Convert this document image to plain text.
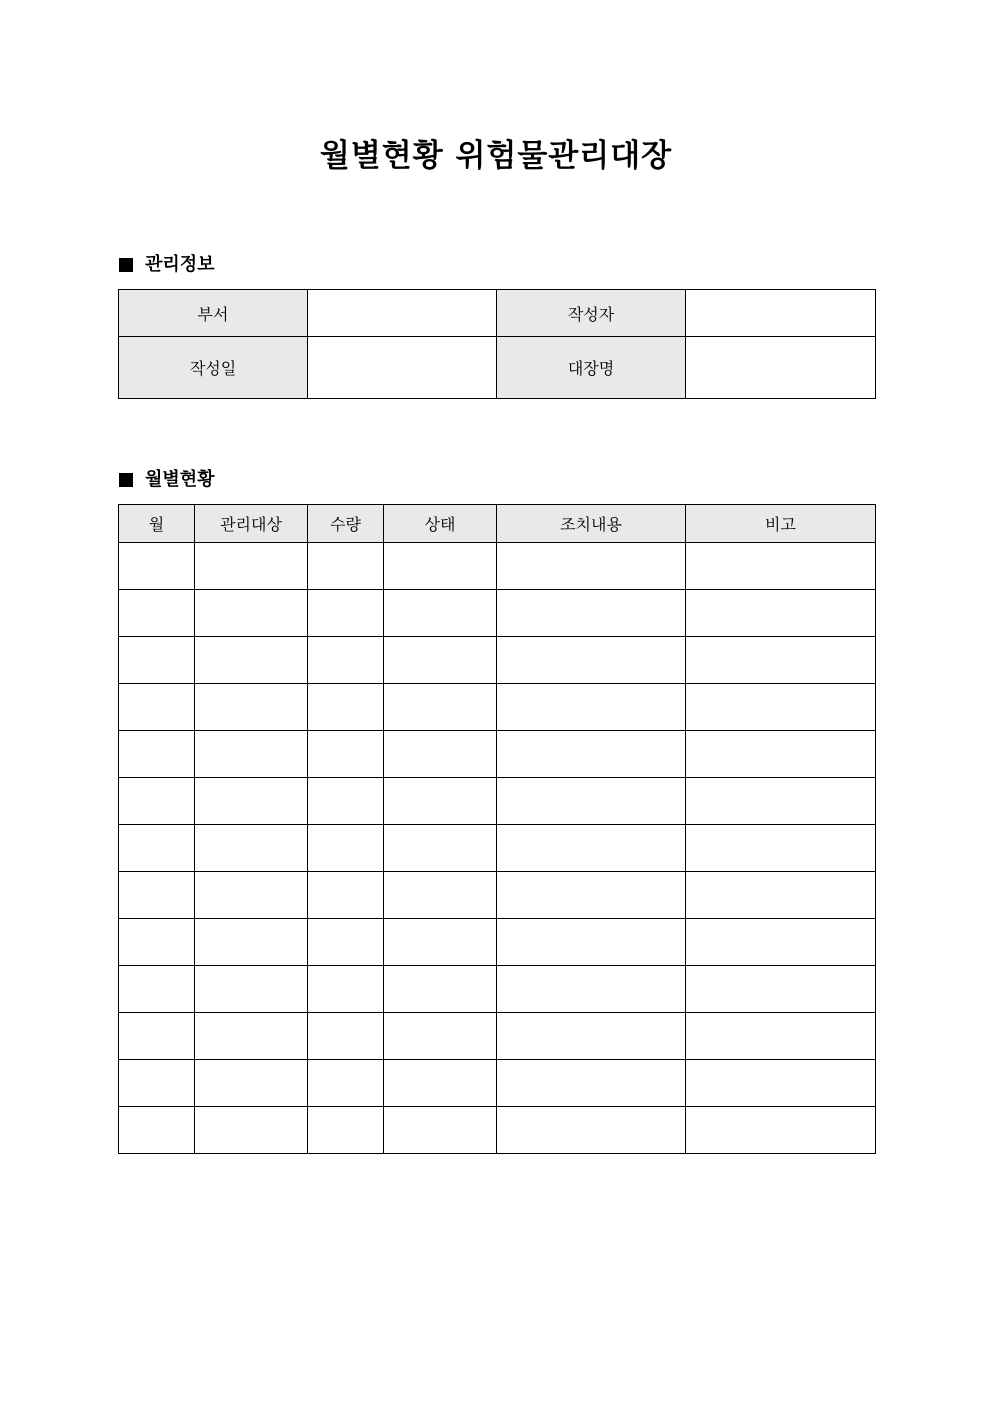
월별현황 위험물관리대장
관리정보
부서		작성자	
작성일		대장명	
월별현황
월	관리대상	수량	상태	조치내용	비고
